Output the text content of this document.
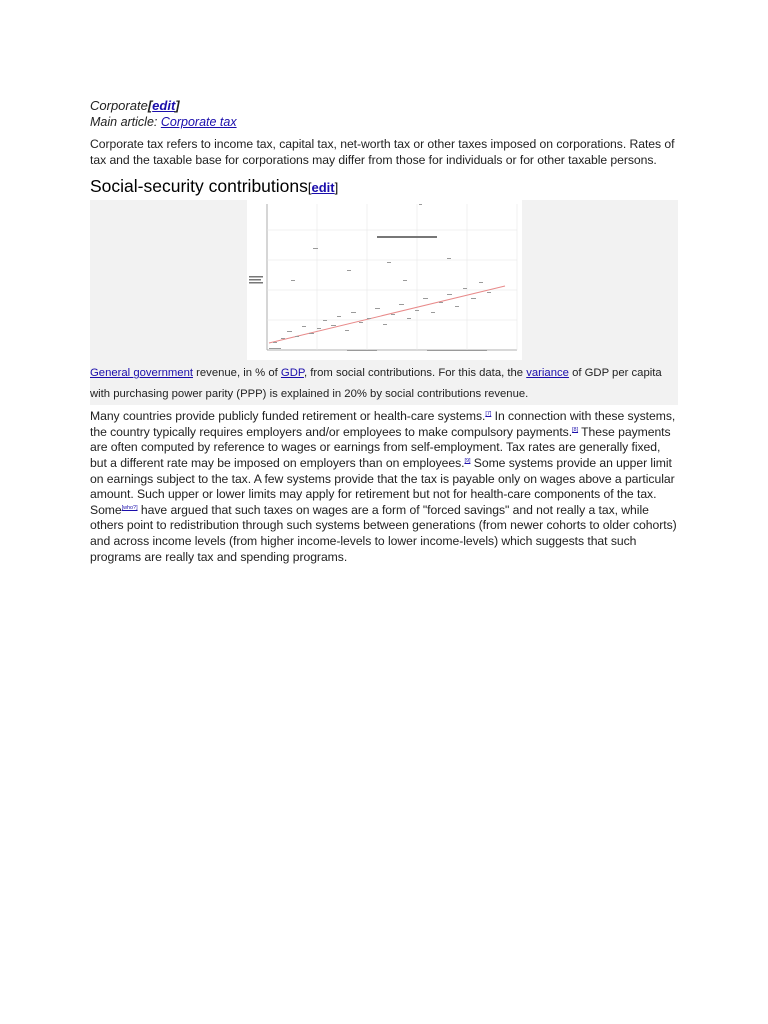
Corporate[edit]
Main article: Corporate tax

Corporate tax refers to income tax, capital tax, net-worth tax or other taxes imposed on corporations. Rates of tax and the taxable base for corporations may differ from those for individuals or for other taxable persons.

Social-security contributions[edit]
General government revenue, in % of GDP, from social contributions. For this data, the variance of GDP per capita with purchasing power parity (PPP) is explained in 20% by social contributions revenue.

Many countries provide publicly funded retirement or health-care systems.[7] In connection with these systems, the country typically requires employers and/or employees to make compulsory payments.[8] These payments are often computed by reference to wages or earnings from self-employment. Tax rates are generally fixed, but a different rate may be imposed on employers than on employees.[9] Some systems provide an upper limit on earnings subject to the tax. A few systems provide that the tax is payable only on wages above a particular amount. Such upper or lower limits may apply for retirement but not for health-care components of the tax. Some[who?] have argued that such taxes on wages are a form of "forced savings" and not really a tax, while others point to redistribution through such systems between generations (from newer cohorts to older cohorts) and across income levels (from higher income-levels to lower income-levels) which suggests that such programs are really tax and spending programs.
